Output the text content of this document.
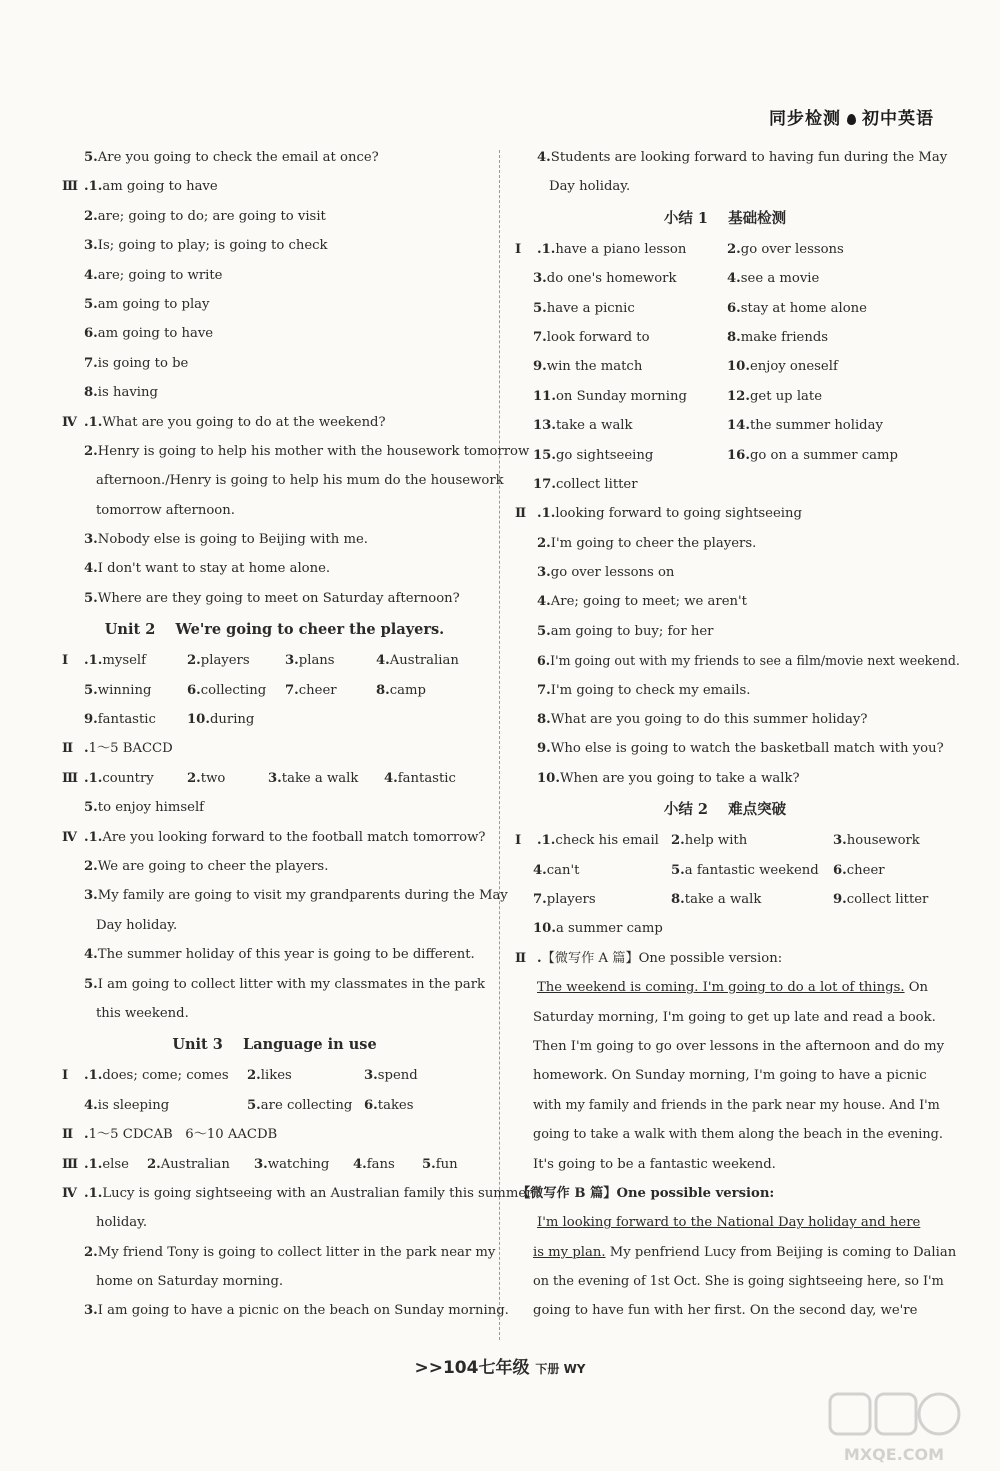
同步检测 初中英语
5.Are you going to check the email at once?
Ⅲ .1.am going to have
2.are; going to do; are going to visit
3.Is; going to play; is going to check
4.are; going to write
5.am going to play
6.am going to have
7.is going to be
8.is having
Ⅳ .1.What are you going to do at the weekend?
2.Henry is going to help his mother with the housework tomorrow
afternoon./Henry is going to help his mum do the housework
tomorrow afternoon.
3.Nobody else is going to Beijing with me.
4.I don't want to stay at home alone.
5.Where are they going to meet on Saturday afternoon?
Unit 2    We're going to cheer the players.
Ⅰ .1.myself	2.players	3.plans	4.Australian
5.winning	6.collecting 7.cheer	8.camp
9.fantastic 10.during
Ⅱ .1～5 BACCD
Ⅲ .1.country	2.two	3.take a walk 4.fantastic
5.to enjoy himself
Ⅳ .1.Are you looking forward to the football match tomorrow?
2.We are going to cheer the players.
3.My family are going to visit my grandparents during the May
Day holiday.
4.The summer holiday of this year is going to be different.
5.I am going to collect litter with my classmates in the park
this weekend.
Unit 3    Language in use
Ⅰ .1.does; come; comes 2.likes	3.spend
4.is sleeping	5.are collecting 6.takes
Ⅱ .1～5 CDCAB   6～10 AACDB
Ⅲ .1.else 2.Australian 3.watching 4.fans 5.fun
Ⅳ .1.Lucy is going sightseeing with an Australian family this summer
holiday.
2.My friend Tony is going to collect litter in the park near my
home on Saturday morning.
3.I am going to have a picnic on the beach on Sunday morning.
4.Students are looking forward to having fun during the May
Day holiday.
小结 1    基础检测
Ⅰ .1.have a piano lesson	2.go over lessons
3.do one's homework	4.see a movie
5.have a picnic	6.stay at home alone
7.look forward to	8.make friends
9.win the match	10.enjoy oneself
11.on Sunday morning	12.get up late
13.take a walk	14.the summer holiday
15.go sightseeing	16.go on a summer camp
17.collect litter
Ⅱ .1.looking forward to going sightseeing
2.I'm going to cheer the players.
3.go over lessons on
4.Are; going to meet; we aren't
5.am going to buy; for her
6.I'm going out with my friends to see a film/movie next weekend.
7.I'm going to check my emails.
8.What are you going to do this summer holiday?
9.Who else is going to watch the basketball match with you?
10.When are you going to take a walk?
小结 2    难点突破
Ⅰ .1.check his email 2.help with	3.housework
4.can't	5.a fantastic weekend 6.cheer
7.players	8.take a walk	9.collect litter
10.a summer camp
Ⅱ .【微写作 A 篇】One possible version:
The weekend is coming. I'm going to do a lot of things. On
Saturday morning, I'm going to get up late and read a book.
Then I'm going to go over lessons in the afternoon and do my
homework. On Sunday morning, I'm going to have a picnic
with my family and friends in the park near my house. And I'm
going to take a walk with them along the beach in the evening.
It's going to be a fantastic weekend.
【微写作 B 篇】One possible version:
I'm looking forward to the National Day holiday and here
is my plan. My penfriend Lucy from Beijing is coming to Dalian
on the evening of 1st Oct. She is going sightseeing here, so I'm
going to have fun with her first. On the second day, we're
>>104七年级 下册 WY
MXQE.COM
